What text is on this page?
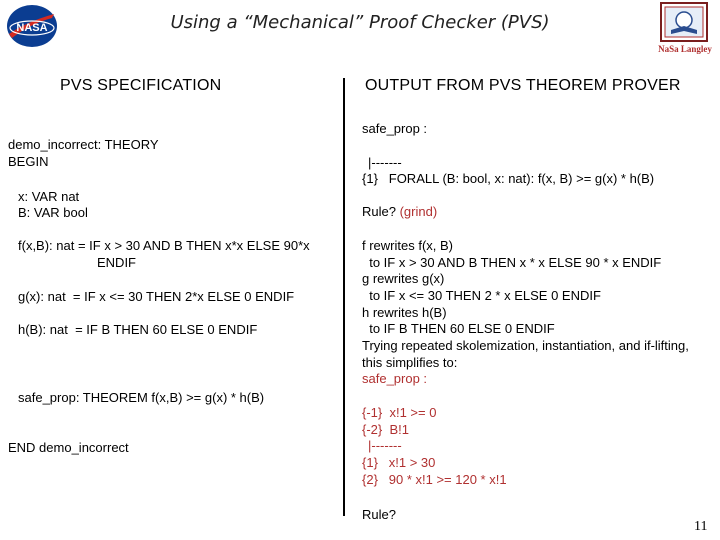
NASA
NaSa Langley
Using a “Mechanical” Proof Checker (PVS)
PVS SPECIFICATION	OUTPUT FROM PVS THEOREM PROVER
demo_incorrect: THEORY
BEGIN
x: VAR nat
B: VAR bool
f(x,B): nat = IF x > 30 AND B THEN x*x ELSE 90*x
ENDIF
g(x): nat  = IF x <= 30 THEN 2*x ELSE 0 ENDIF
h(B): nat  = IF B THEN 60 ELSE 0 ENDIF
safe_prop: THEOREM f(x,B) >= g(x) * h(B)
END demo_incorrect
safe_prop :
|-------
{1}   FORALL (B: bool, x: nat): f(x, B) >= g(x) * h(B)
Rule? (grind)
f rewrites f(x, B)
to IF x > 30 AND B THEN x * x ELSE 90 * x ENDIF
g rewrites g(x)
to IF x <= 30 THEN 2 * x ELSE 0 ENDIF
h rewrites h(B)
to IF B THEN 60 ELSE 0 ENDIF
Trying repeated skolemization, instantiation, and if-lifting,
this simplifies to:
safe_prop :
{-1}  x!1 >= 0
{-2}  B!1
|-------
{1}   x!1 > 30
{2}   90 * x!1 >= 120 * x!1
Rule?
11
